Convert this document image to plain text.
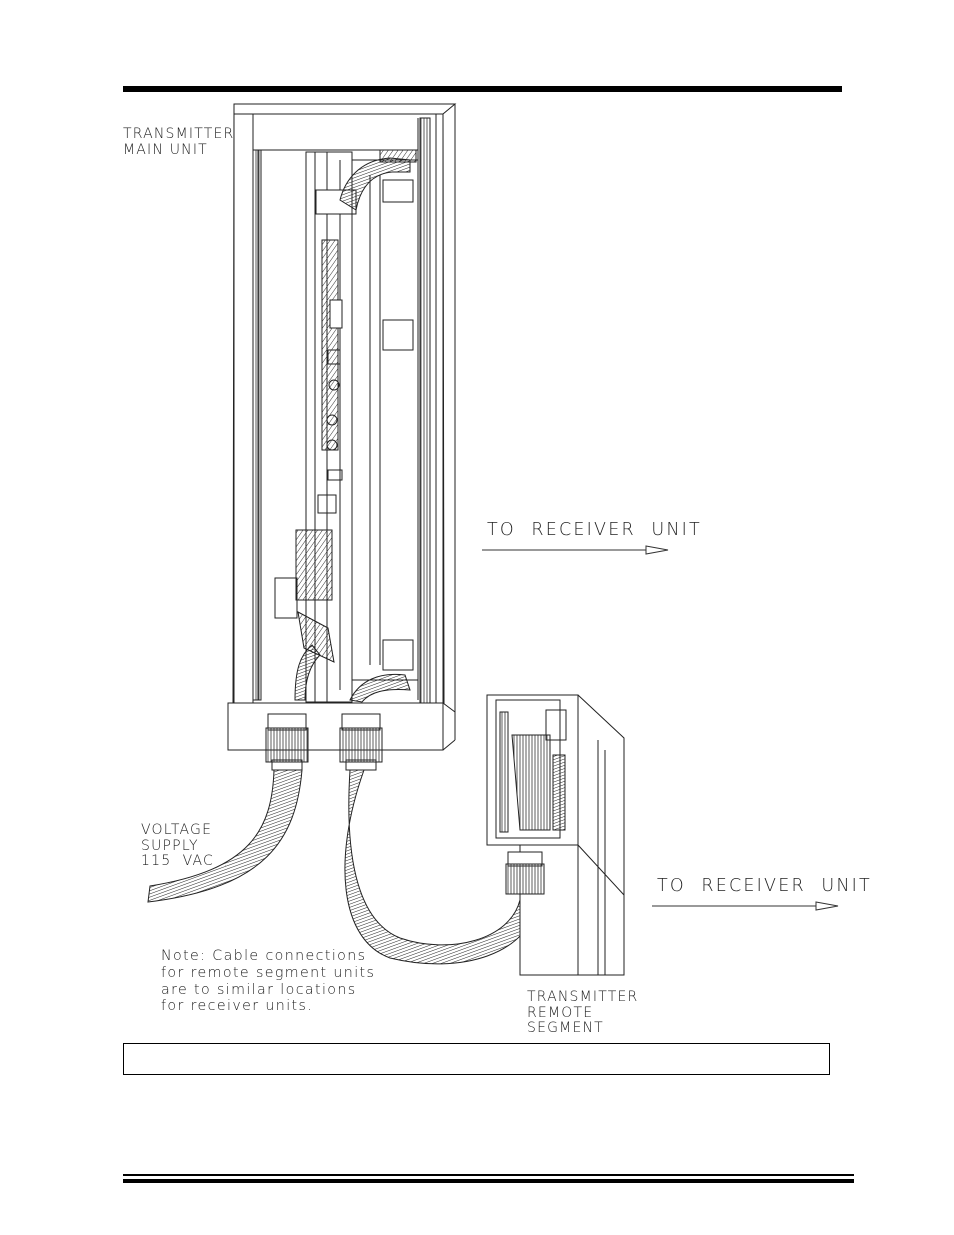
TRANSMITTER
MAIN UNIT
TO  RECEIVER  UNIT
TO  RECEIVER  UNIT
VOLTAGE
SUPPLY
115  VAC
Note: Cable connections
for remote segment units
are to similar locations
for receiver units.
TRANSMITTER
REMOTE
SEGMENT
